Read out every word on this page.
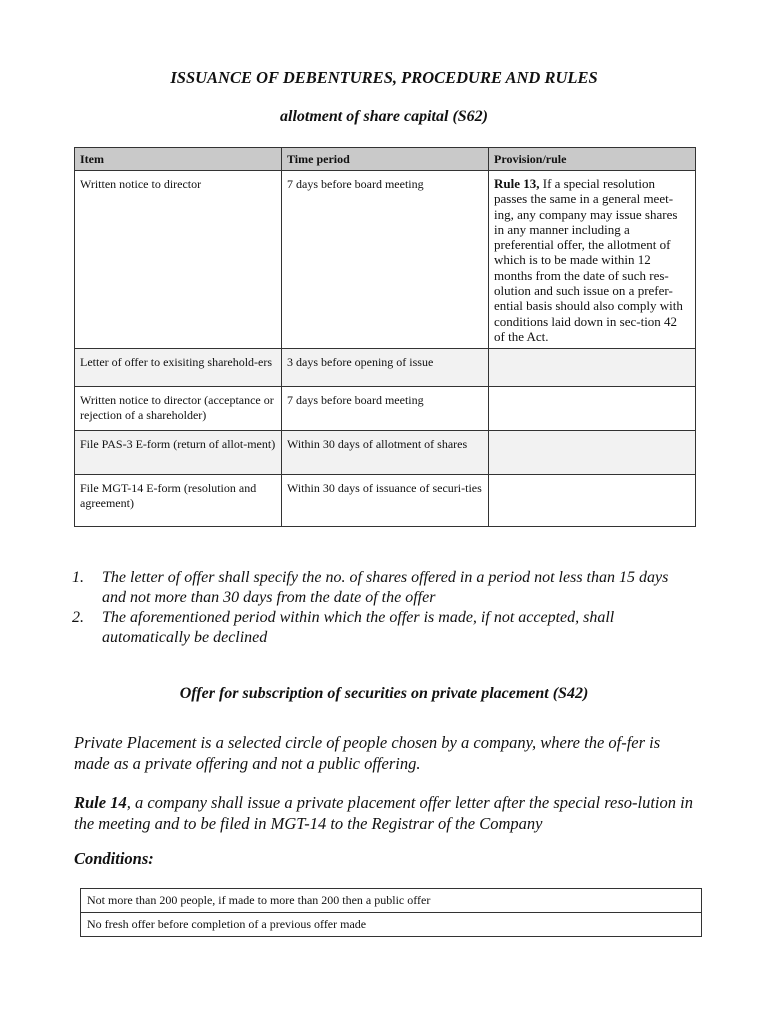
ISSUANCE OF DEBENTURES, PROCEDURE AND RULES
allotment of share capital (S62)
Item	Time period	Provision/rule
Written notice to director	7 days before board meeting	Rule 13, If a special resolution passes the same in a general meet-ing, any company may issue shares in any manner including a preferential offer, the allotment of which is to be made within 12 months from the date of such res-olution and such issue on a prefer-ential basis should also comply with conditions laid down in sec-tion 42 of the Act.
Letter of offer to exisiting sharehold-ers	3 days before opening of issue	
Written notice to director (acceptance or rejection of a shareholder)	7 days before board meeting	
File PAS-3 E-form (return of allot-ment)	Within 30 days of allotment of shares	
File MGT-14 E-form (resolution and agreement)	Within 30 days of issuance of securi-ties	
1.	The letter of offer shall specify the no. of shares offered in a period not less than 15 days and not more than 30 days from the date of the offer
2.	The aforementioned period within which the offer is made, if not accepted, shall automatically be declined
Offer for subscription of securities on private placement (S42)

Private Placement is a selected circle of people chosen by a company, where the of-fer is made as a private offering and not a public offering.

Rule 14, a company shall issue a private placement offer letter after the special reso-lution in the meeting and to be filed in MGT-14 to the Registrar of the Company

Conditions:

Not more than 200 people, if made to more than 200 then a public offer
No fresh offer before completion of a previous offer made
